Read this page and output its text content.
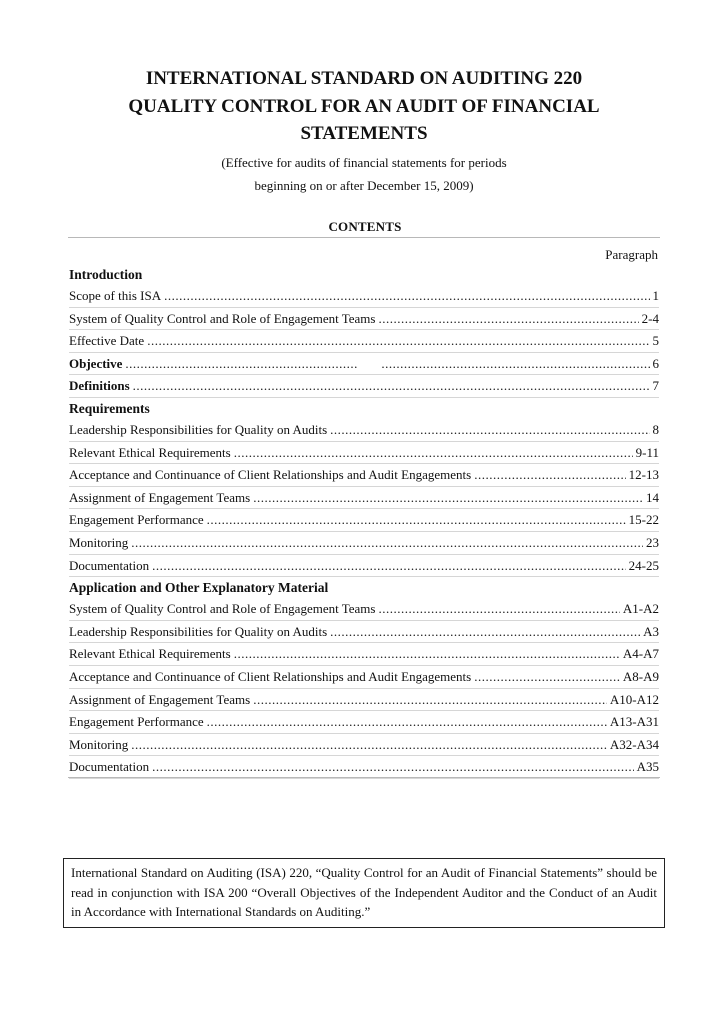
INTERNATIONAL STANDARD ON AUDITING 220
QUALITY CONTROL FOR AN AUDIT OF FINANCIAL
STATEMENTS
(Effective for audits of financial statements for periods
beginning on or after December 15, 2009)
CONTENTS
Paragraph
Introduction
Scope of this ISA .....	1
System of Quality Control and Role of Engagement Teams .....	2-4
Effective Date .....	5
Objective ..... .....	6
Definitions .....	7
Requirements
Leadership Responsibilities for Quality on Audits .....	8
Relevant Ethical Requirements .....	9-11
Acceptance and Continuance of Client Relationships and Audit Engagements .....	12-13
Assignment of Engagement Teams .....	14
Engagement Performance .....	15-22
Monitoring .....	23
Documentation .....	24-25
Application and Other Explanatory Material
System of Quality Control and Role of Engagement Teams .....	A1-A2
Leadership Responsibilities for Quality on Audits .....	A3
Relevant Ethical Requirements .....	A4-A7
Acceptance and Continuance of Client Relationships and Audit Engagements .....	A8-A9
Assignment of Engagement Teams .....	A10-A12
Engagement Performance .....	A13-A31
Monitoring .....	A32-A34
Documentation .....	A35
International Standard on Auditing (ISA) 220, “Quality Control for an Audit of Financial Statements” should be read in conjunction with ISA 200 “Overall Objectives of the Independent Auditor and the Conduct of an Audit in Accordance with International Standards on Auditing.”
